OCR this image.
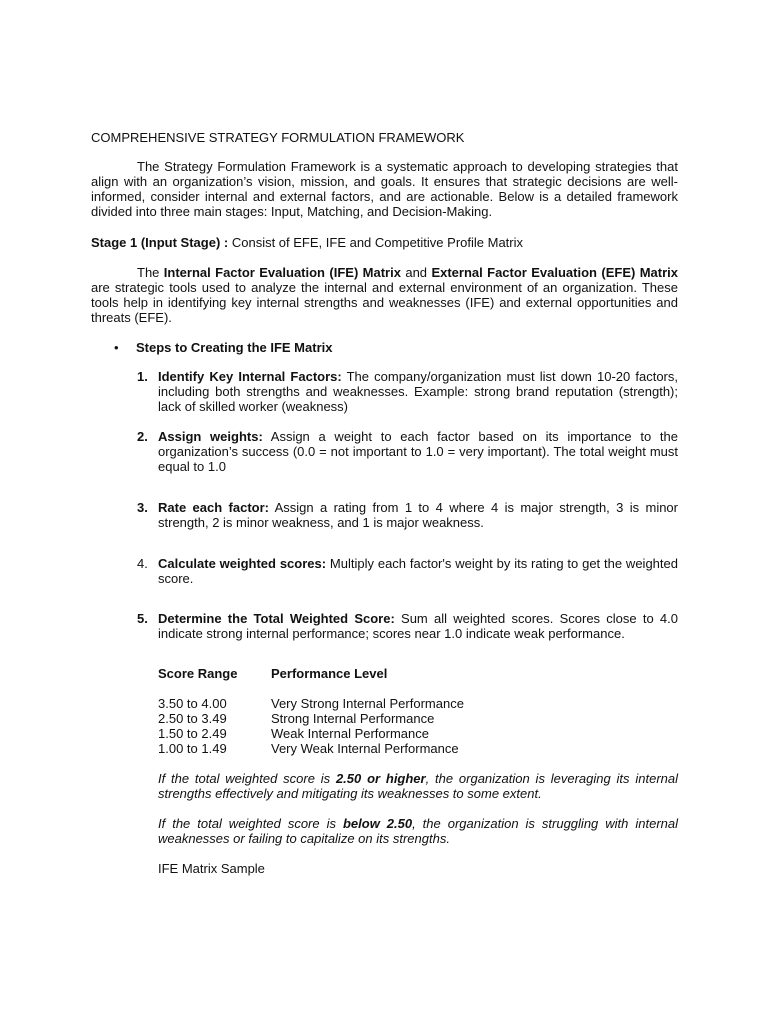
COMPREHENSIVE STRATEGY FORMULATION FRAMEWORK
The Strategy Formulation Framework is a systematic approach to developing strategies that align with an organization’s vision, mission, and goals. It ensures that strategic decisions are well-informed, consider internal and external factors, and are actionable. Below is a detailed framework divided into three main stages: Input, Matching, and Decision-Making.
Stage 1 (Input Stage) : Consist of EFE, IFE and Competitive Profile Matrix
The Internal Factor Evaluation (IFE) Matrix and External Factor Evaluation (EFE) Matrix are strategic tools used to analyze the internal and external environment of an organization. These tools help in identifying key internal strengths and weaknesses (IFE) and external opportunities and threats (EFE).
•	Steps to Creating the IFE Matrix
1. Identify Key Internal Factors: The company/organization must list down 10-20 factors, including both strengths and weaknesses. Example: strong brand reputation (strength); lack of skilled worker (weakness)
2. Assign weights: Assign a weight to each factor based on its importance to the organization’s success (0.0 = not important to 1.0 = very important). The total weight must equal to 1.0
3. Rate each factor: Assign a rating from 1 to 4 where 4 is major strength, 3 is minor strength, 2 is minor weakness, and 1 is major weakness.
4. Calculate weighted scores: Multiply each factor's weight by its rating to get the weighted score.
5. Determine the Total Weighted Score: Sum all weighted scores. Scores close to 4.0 indicate strong internal performance; scores near 1.0 indicate weak performance.
Score Range	Performance Level

3.50 to 4.00	Very Strong Internal Performance
2.50 to 3.49	Strong Internal Performance
1.50 to 2.49	Weak Internal Performance
1.00 to 1.49	Very Weak Internal Performance
If the total weighted score is 2.50 or higher, the organization is leveraging its internal strengths effectively and mitigating its weaknesses to some extent.
If the total weighted score is below 2.50, the organization is struggling with internal weaknesses or failing to capitalize on its strengths.
IFE Matrix Sample
